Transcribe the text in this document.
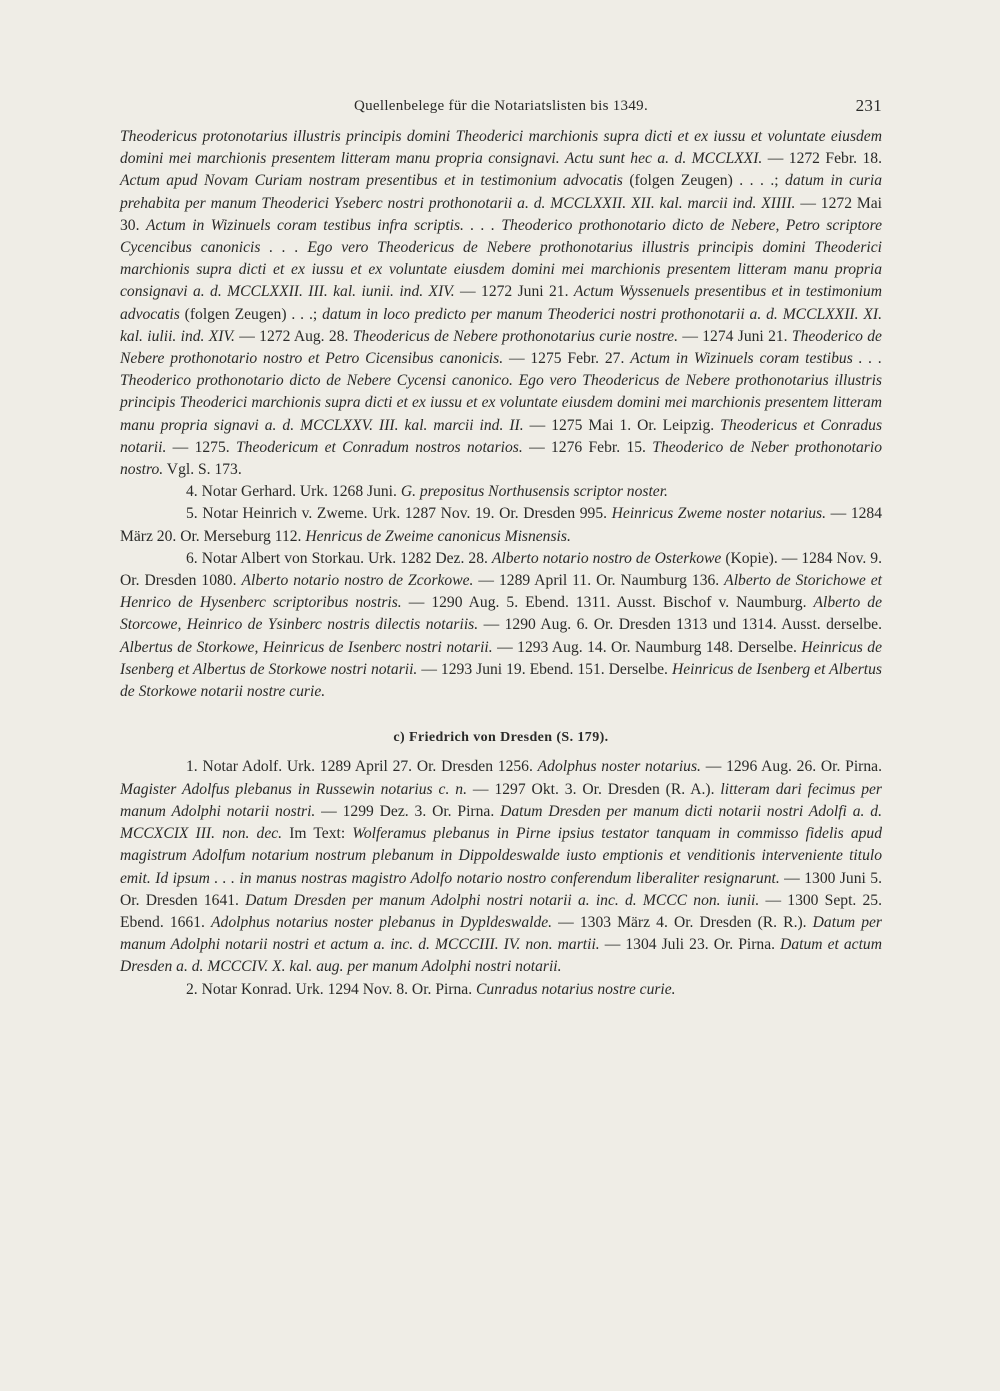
Quellenbelege für die Notariatslisten bis 1349.	231

Theodericus protonotarius illustris principis domini Theoderici marchionis supra dicti et ex iussu et voluntate eiusdem domini mei marchionis presentem litteram manu propria consignavi. Actu sunt hec a. d. MCCLXXI. — 1272 Febr. 18. Actum apud Novam Curiam nostram presentibus et in testimonium advocatis (folgen Zeugen) . . . .; datum in curia prehabita per manum Theoderici Yseberc nostri prothonotarii a. d. MCCLXXII. XII. kal. marcii ind. XIIII. — 1272 Mai 30. Actum in Wizinuels coram testibus infra scriptis. . . . Theoderico prothonotario dicto de Nebere, Petro scriptore Cycencibus canonicis . . . Ego vero Theodericus de Nebere prothonotarius illustris principis domini Theoderici marchionis supra dicti et ex iussu et ex voluntate eiusdem domini mei marchionis presentem litteram manu propria consignavi a. d. MCCLXXII. III. kal. iunii. ind. XIV. — 1272 Juni 21. Actum Wyssenuels presentibus et in testimonium advocatis (folgen Zeugen) . . .; datum in loco predicto per manum Theoderici nostri prothonotarii a. d. MCCLXXII. XI. kal. iulii. ind. XIV. — 1272 Aug. 28. Theodericus de Nebere prothonotarius curie nostre. — 1274 Juni 21. Theoderico de Nebere prothonotario nostro et Petro Cicensibus canonicis. — 1275 Febr. 27. Actum in Wizinuels coram testibus . . . Theoderico prothonotario dicto de Nebere Cycensi canonico. Ego vero Theodericus de Nebere prothonotarius illustris principis Theoderici marchionis supra dicti et ex iussu et ex voluntate eiusdem domini mei marchionis presentem litteram manu propria signavi a. d. MCCLXXV. III. kal. marcii ind. II. — 1275 Mai 1. Or. Leipzig. Theodericus et Conradus notarii. — 1275. Theodericum et Conradum nostros notarios. — 1276 Febr. 15. Theoderico de Neber prothonotario nostro. Vgl. S. 173.

4. Notar Gerhard. Urk. 1268 Juni. G. prepositus Northusensis scriptor noster.

5. Notar Heinrich v. Zweme. Urk. 1287 Nov. 19. Or. Dresden 995. Heinricus Zweme noster notarius. — 1284 März 20. Or. Merseburg 112. Henricus de Zweime canonicus Misnensis.

6. Notar Albert von Storkau. Urk. 1282 Dez. 28. Alberto notario nostro de Osterkowe (Kopie). — 1284 Nov. 9. Or. Dresden 1080. Alberto notario nostro de Zcorkowe. — 1289 April 11. Or. Naumburg 136. Alberto de Storichowe et Henrico de Hysenberc scriptoribus nostris. — 1290 Aug. 5. Ebend. 1311. Ausst. Bischof v. Naumburg. Alberto de Storcowe, Heinrico de Ysinberc nostris dilectis notariis. — 1290 Aug. 6. Or. Dresden 1313 und 1314. Ausst. derselbe. Albertus de Storkowe, Heinricus de Isenberc nostri notarii. — 1293 Aug. 14. Or. Naumburg 148. Derselbe. Heinricus de Isenberg et Albertus de Storkowe nostri notarii. — 1293 Juni 19. Ebend. 151. Derselbe. Heinricus de Isenberg et Albertus de Storkowe notarii nostre curie.

c) Friedrich von Dresden (S. 179).

1. Notar Adolf. Urk. 1289 April 27. Or. Dresden 1256. Adolphus noster notarius. — 1296 Aug. 26. Or. Pirna. Magister Adolfus plebanus in Russewin notarius c. n. — 1297 Okt. 3. Or. Dresden (R. A.). litteram dari fecimus per manum Adolphi notarii nostri. — 1299 Dez. 3. Or. Pirna. Datum Dresden per manum dicti notarii nostri Adolfi a. d. MCCXCIX III. non. dec. Im Text: Wolferamus plebanus in Pirne ipsius testator tanquam in commisso fidelis apud magistrum Adolfum notarium nostrum plebanum in Dippoldeswalde iusto emptionis et venditionis interveniente titulo emit. Id ipsum . . . in manus nostras magistro Adolfo notario nostro conferendum liberaliter resignarunt. — 1300 Juni 5. Or. Dresden 1641. Datum Dresden per manum Adolphi nostri notarii a. inc. d. MCCC non. iunii. — 1300 Sept. 25. Ebend. 1661. Adolphus notarius noster plebanus in Dypldeswalde. — 1303 März 4. Or. Dresden (R. R.). Datum per manum Adolphi notarii nostri et actum a. inc. d. MCCCIII. IV. non. martii. — 1304 Juli 23. Or. Pirna. Datum et actum Dresden a. d. MCCCIV. X. kal. aug. per manum Adolphi nostri notarii.

2. Notar Konrad. Urk. 1294 Nov. 8. Or. Pirna. Cunradus notarius nostre curie.
